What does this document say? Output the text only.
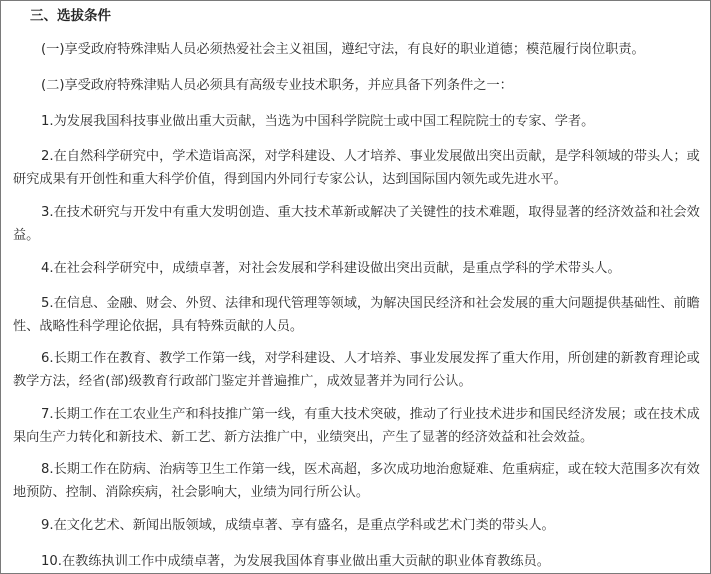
三、选拔条件

(一)享受政府特殊津贴人员必须热爱社会主义祖国，遵纪守法，有良好的职业道德；模范履行岗位职责。

(二)享受政府特殊津贴人员必须具有高级专业技术职务，并应具备下列条件之一：

1.为发展我国科技事业做出重大贡献，当选为中国科学院院士或中国工程院院士的专家、学者。

2.在自然科学研究中，学术造诣高深，对学科建设、人才培养、事业发展做出突出贡献，是学科领域的带头人；或研究成果有开创性和重大科学价值，得到国内外同行专家公认，达到国际国内领先或先进水平。

3.在技术研究与开发中有重大发明创造、重大技术革新或解决了关键性的技术难题，取得显著的经济效益和社会效益。

4.在社会科学研究中，成绩卓著，对社会发展和学科建设做出突出贡献，是重点学科的学术带头人。

5.在信息、金融、财会、外贸、法律和现代管理等领域，为解决国民经济和社会发展的重大问题提供基础性、前瞻性、战略性科学理论依据，具有特殊贡献的人员。

6.长期工作在教育、教学工作第一线，对学科建设、人才培养、事业发展发挥了重大作用，所创建的新教育理论或教学方法，经省(部)级教育行政部门鉴定并普遍推广，成效显著并为同行公认。

7.长期工作在工农业生产和科技推广第一线，有重大技术突破，推动了行业技术进步和国民经济发展；或在技术成果向生产力转化和新技术、新工艺、新方法推广中，业绩突出，产生了显著的经济效益和社会效益。

8.长期工作在防病、治病等卫生工作第一线，医术高超，多次成功地治愈疑难、危重病症，或在较大范围多次有效地预防、控制、消除疾病，社会影响大，业绩为同行所公认。

9.在文化艺术、新闻出版领域，成绩卓著、享有盛名，是重点学科或艺术门类的带头人。

10.在教练执训工作中成绩卓著，为发展我国体育事业做出重大贡献的职业体育教练员。
